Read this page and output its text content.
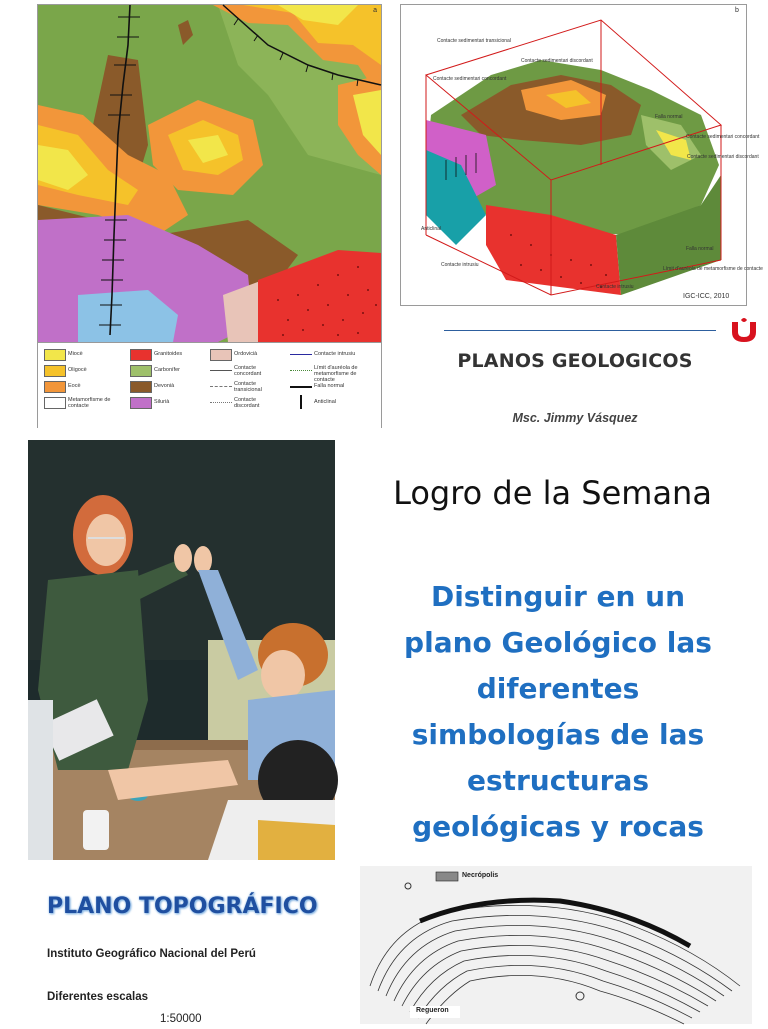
a
Miocè
Oligocè
Eocè
Metamorfisme de contacte
Granitoides
Carbonífer
Devonià
Silurià
Ordovicià
Contacte concordant
Contacte transicional
Contacte discordant
Contacte intrusiu
Límit d'auréola de metamorfisme de contacte
Falla normal
Anticlinal
Contacte sedimentari transicional
Contacte sedimentari discordant
Contacte sedimentari concordant
Falla normal
Contacte sedimentari concordant
Contacte sedimentari discordant
Anticlinal
Contacte intrusiu
Falla normal
Límit d'auréola de metamorfisme de contacte
Contacte intrusiu
IGC-ICC, 2010
b
PLANOS GEOLOGICOS
Msc. Jimmy Vásquez
Logro de la Semana
Distinguir en un
plano Geológico las
diferentes
simbologías de las
estructuras
geológicas y rocas
PLANO TOPOGRÁFICO
Instituto Geográfico Nacional del Perú
Diferentes escalas
1:50000
Necrópolis
Regueron
